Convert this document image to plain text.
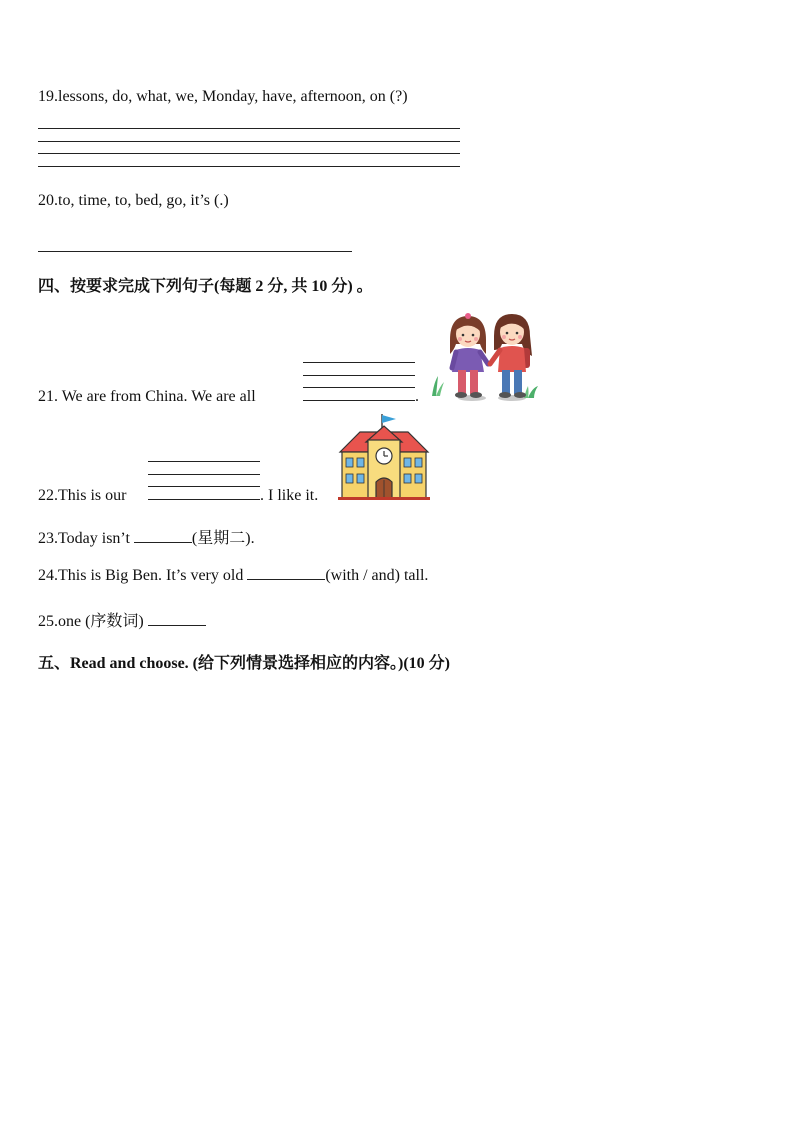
19.lessons, do, what, we, Monday, have, afternoon, on (?)
20.to, time, to, bed, go, it’s (.)
四、按要求完成下列句子(每题 2 分, 共 10 分) 。
21. We are from China. We are all	.
22.This is our	. I like it.
23.Today isn’t	(星期二).
24.This is Big Ben. It’s very old	(with / and) tall.
25.one (序数词)
五、Read and choose. (给下列情景选择相应的内容。)(10 分)
